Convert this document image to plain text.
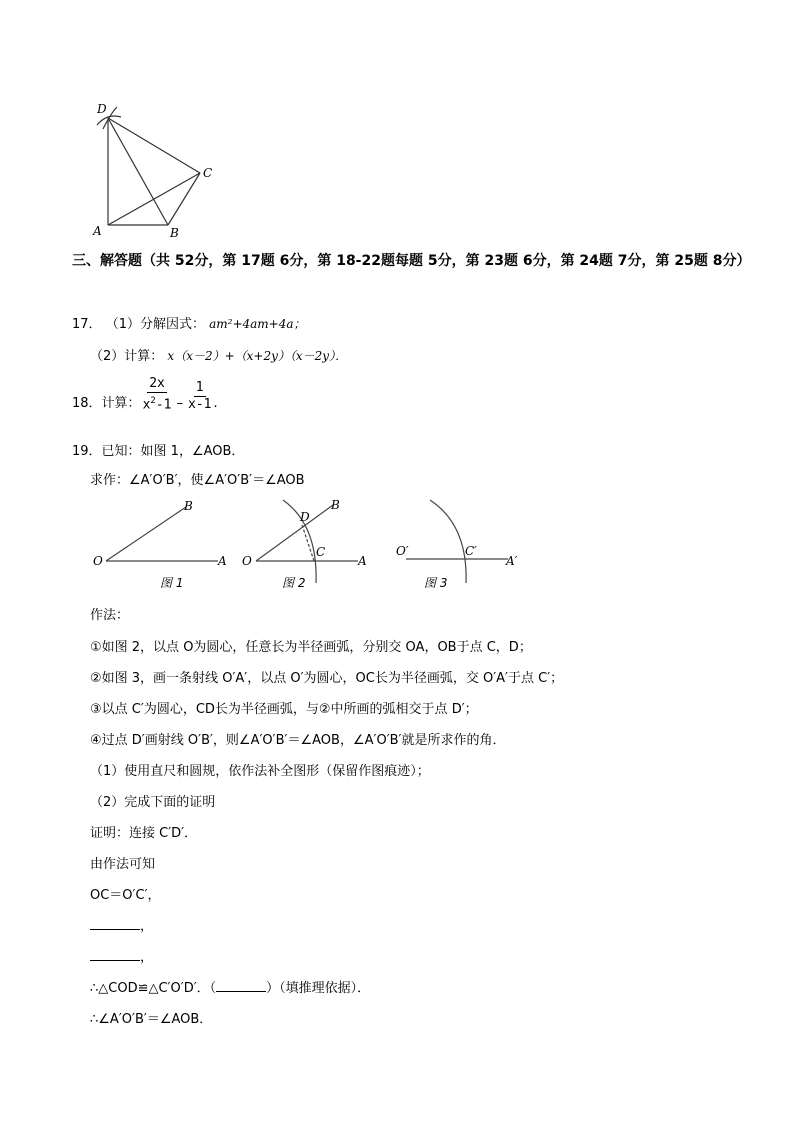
D
C
A	B
三、解答题（共 52分，第 17题 6分，第 18-22题每题 5分，第 23题 6分，第 24题 7分，第 25题 8分）
17． （1）分解因式： am²+4am+4a；
（2）计算： x（x－2）+（x+2y）（x－2y）．
18． 计算： $\frac{2x}{x^2-1} - \frac{1}{x-1}$ .
19．已知：如图 1，∠AOB．
求作：∠A′O′B′，使∠A′O′B′＝∠AOB
O	A
B
图 1
O	A
B
C
D
图 2
O′
A′
C′
图 3
作法：
①如图 2，以点 O为圆心，任意长为半径画弧，分别交 OA，OB于点 C，D；
②如图 3，画一条射线 O′A′，以点 O′为圆心，OC长为半径画弧，交 O′A′于点 C′；
③以点 C′为圆心，CD长为半径画弧，与②中所画的弧相交于点 D′；
④过点 D′画射线 O′B′，则∠A′O′B′＝∠AOB，∠A′O′B′就是所求作的角．
（1）使用直尺和圆规，依作法补全图形（保留作图痕迹）；
（2）完成下面的证明
证明：连接 C′D′．
由作法可知
OC＝O′C′，
，
，
∴△COD≌△C′O′D′．（	）（填推理依据）．
∴∠A′O′B′＝∠AOB．
